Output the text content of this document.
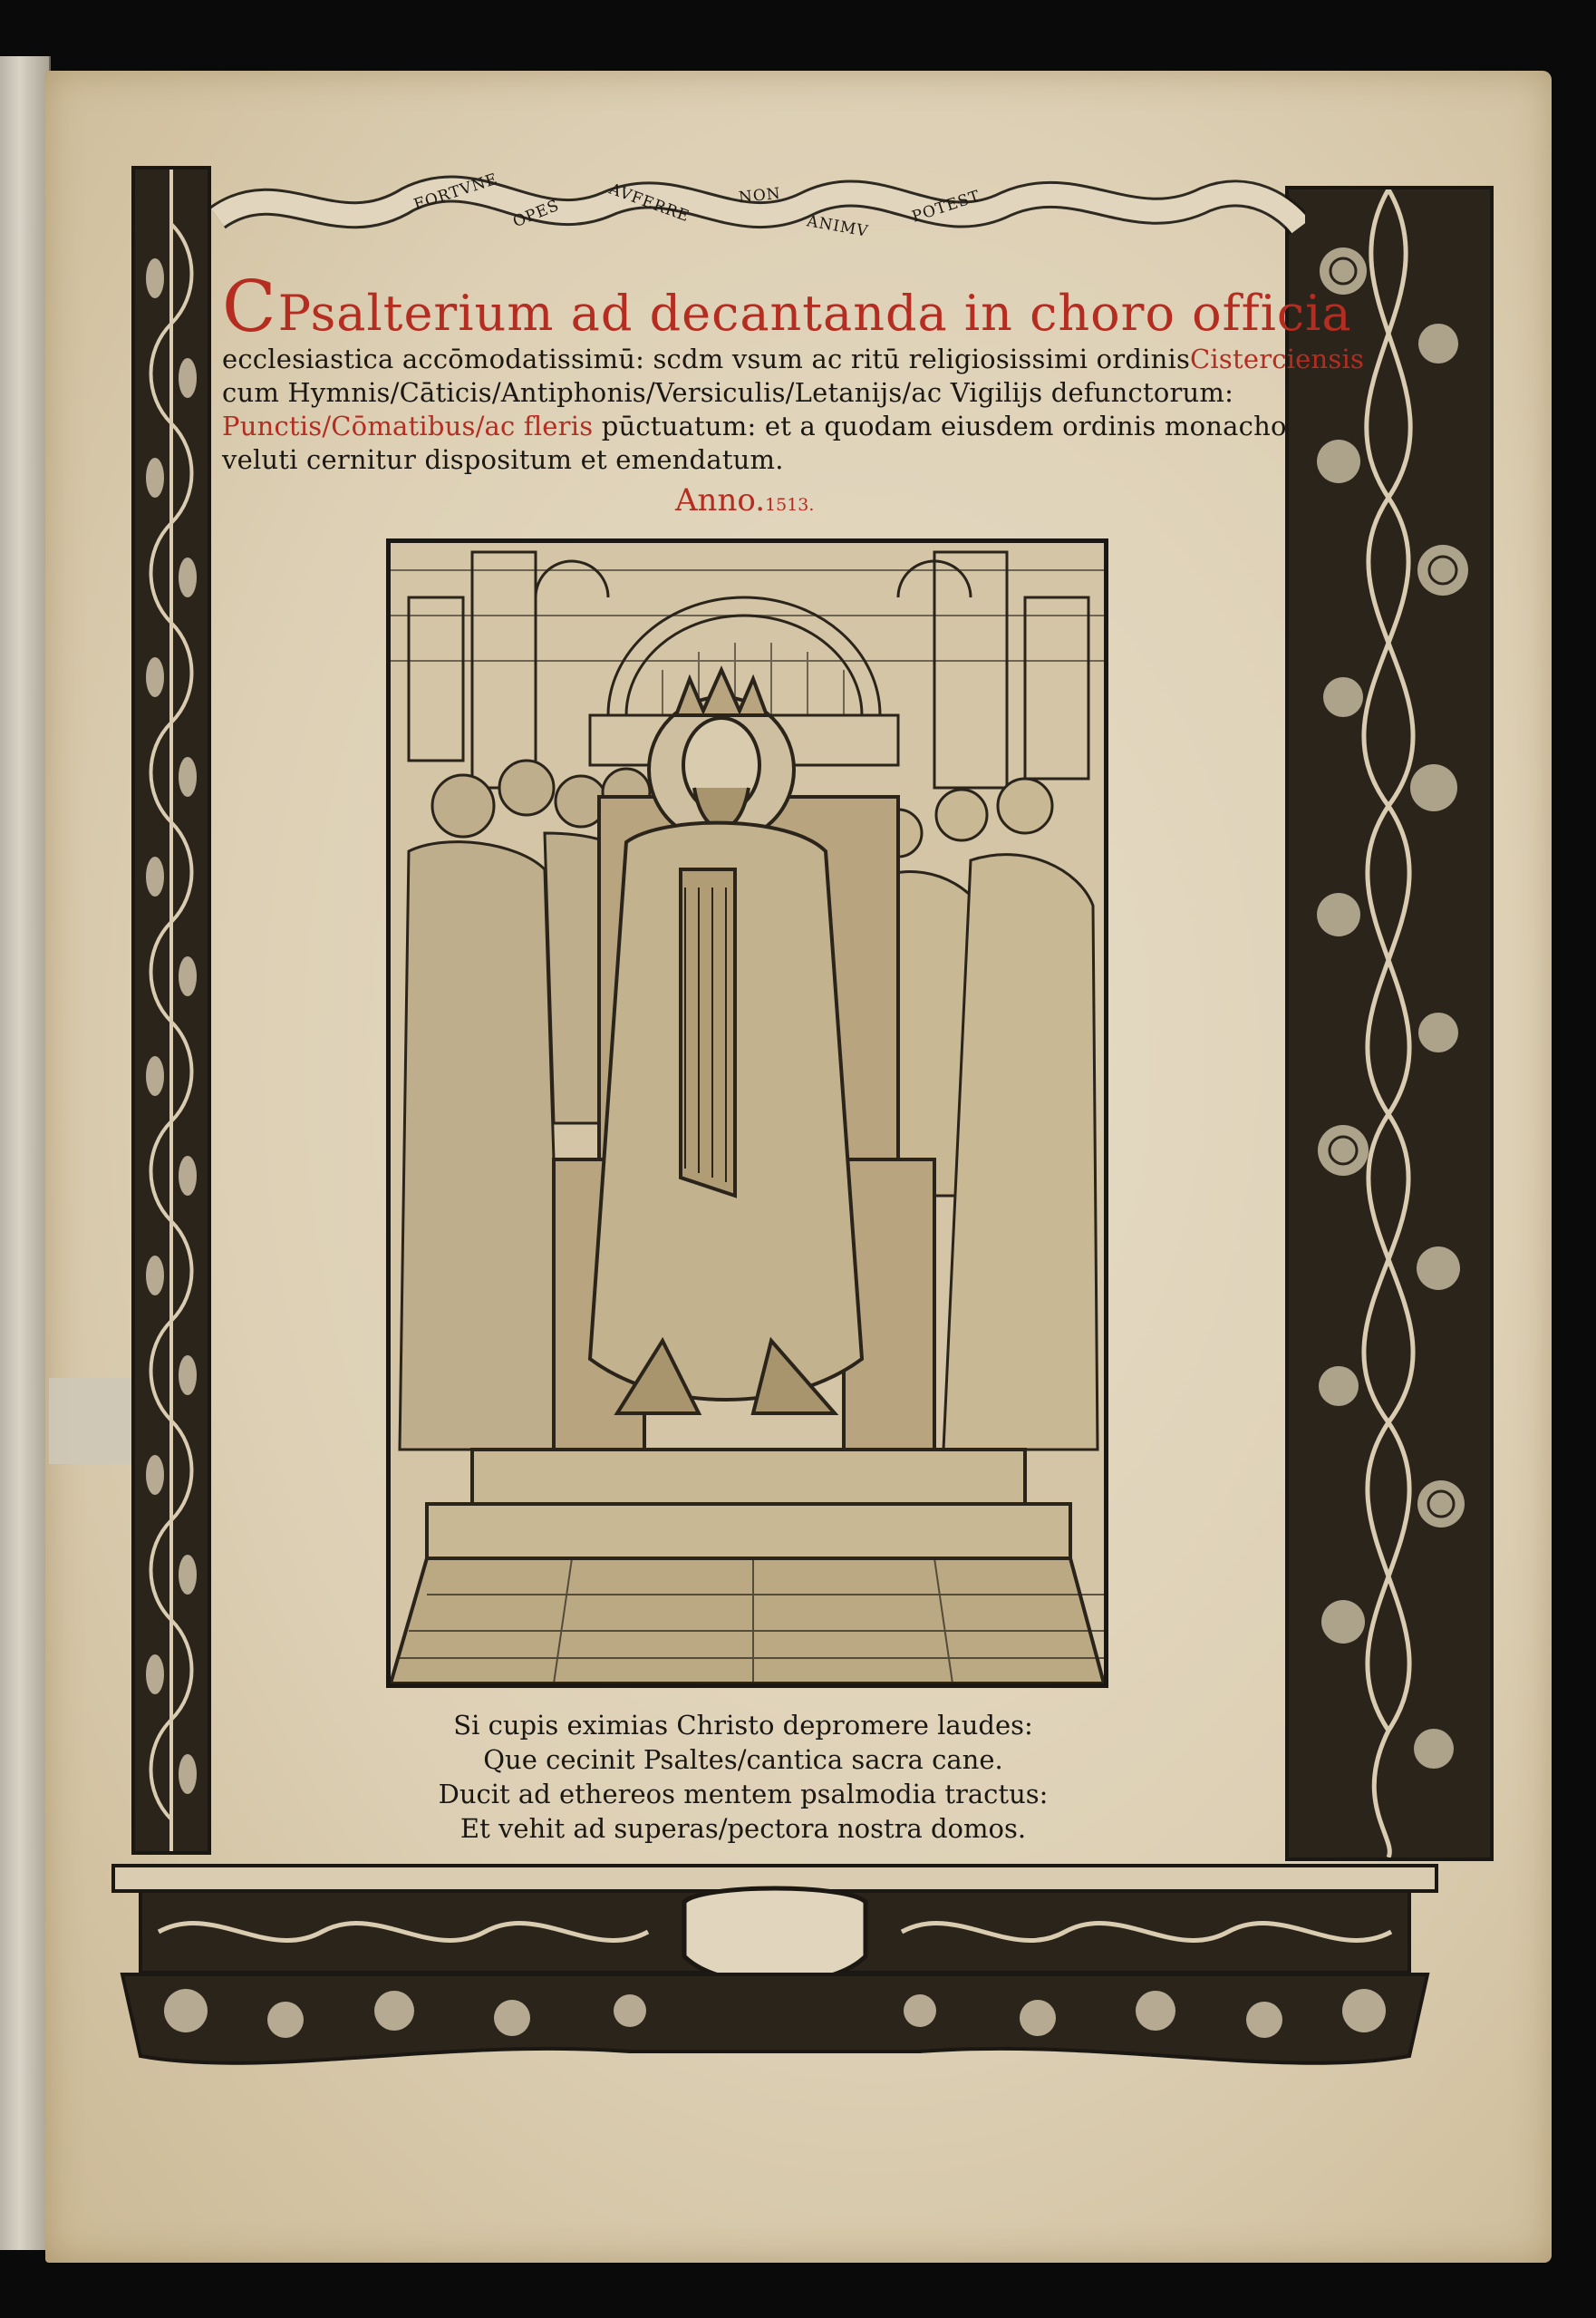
FORTVNE OPES	AVFERRE	NON
ANIMV
POTEST
C Psalterium ad decantanda in choro officia
ecclesiastica accōmodatissimū: scdm vsum ac ritū religiosissimi ordinisCisterciensis
cum Hymnis/Cāticis/Antiphonis/Versiculis/Letanijs/ac Vigilijs defunctorum:
Punctis/Cōmatibus/ac fleris pūctuatum: et a quodam eiusdem ordinis monacho
veluti cernitur dispositum et emendatum.
Anno.1513.
Si cupis eximias Christo depromere laudes:
Que cecinit Psaltes/cantica sacra cane.
Ducit ad ethereos mentem psalmodia tractus:
Et vehit ad superas/pectora nostra domos.
